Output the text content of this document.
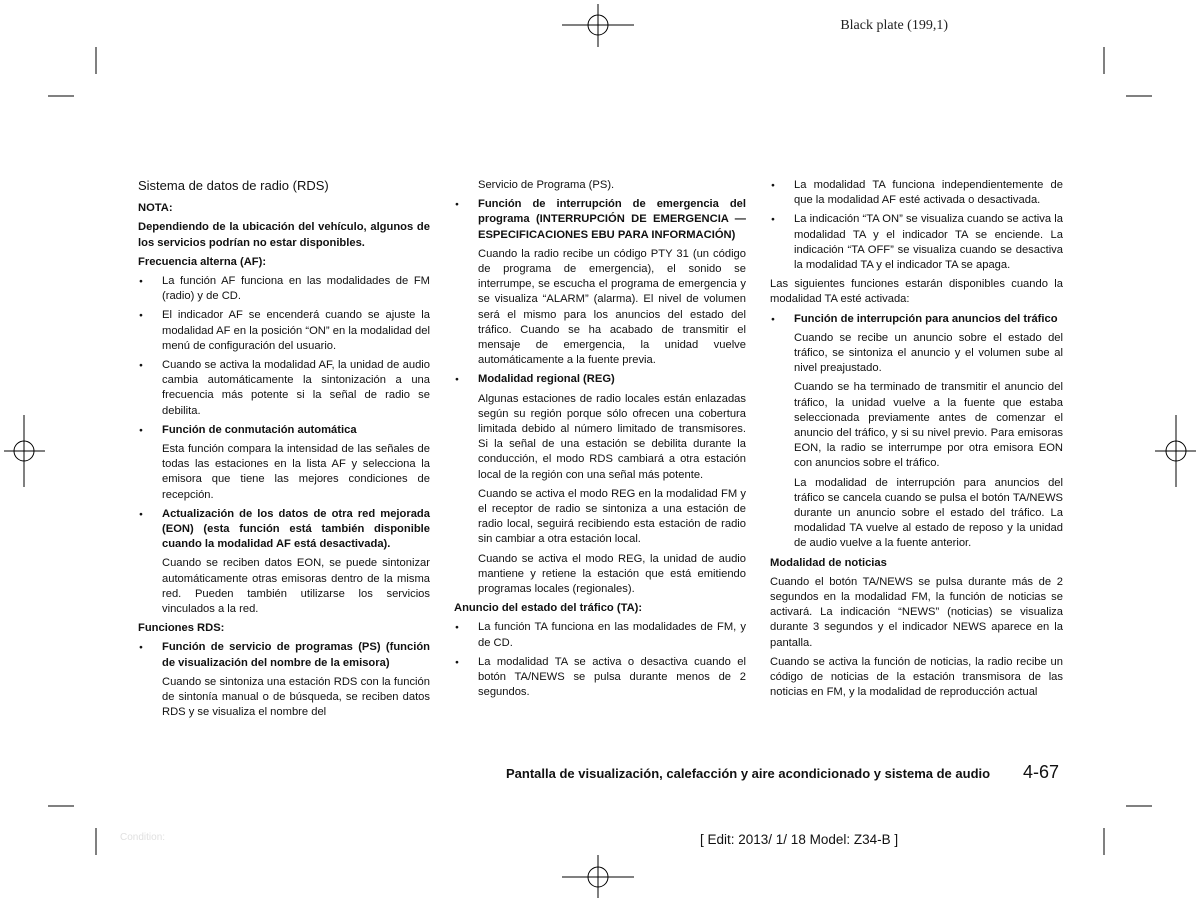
Black plate (199,1)

Sistema de datos de radio (RDS)

NOTA:

Dependiendo de la ubicación del vehículo, algunos de los servicios podrían no estar disponibles.

Frecuencia alterna (AF):

● La función AF funciona en las modalidades de FM (radio) y de CD.

● El indicador AF se encenderá cuando se ajuste la modalidad AF en la posición “ON” en la modalidad del menú de configuración del usuario.

● Cuando se activa la modalidad AF, la unidad de audio cambia automáticamente la sintonización a una frecuencia más potente si la señal de radio se debilita.

● Función de conmutación automática

Esta función compara la intensidad de las señales de todas las estaciones en la lista AF y selecciona la emisora que tiene las mejores condiciones de recepción.

● Actualización de los datos de otra red mejorada (EON) (esta función está también disponible cuando la modalidad AF está desactivada).

Cuando se reciben datos EON, se puede sintonizar automáticamente otras emisoras dentro de la misma red. Pueden también utilizarse los servicios vinculados a la red.

Funciones RDS:

● Función de servicio de programas (PS) (función de visualización del nombre de la emisora)

Cuando se sintoniza una estación RDS con la función de sintonía manual o de búsqueda, se reciben datos RDS y se visualiza el nombre del

Servicio de Programa (PS).

● Función de interrupción de emergencia del programa (INTERRUPCIÓN DE EMERGENCIA — ESPECIFICACIONES EBU PARA INFORMACIÓN)

Cuando la radio recibe un código PTY 31 (un código de programa de emergencia), el sonido se interrumpe, se escucha el programa de emergencia y se visualiza “ALARM” (alarma). El nivel de volumen será el mismo para los anuncios del estado del tráfico. Cuando se ha acabado de transmitir el mensaje de emergencia, la unidad vuelve automáticamente a la fuente previa.

● Modalidad regional (REG)

Algunas estaciones de radio locales están enlazadas según su región porque sólo ofrecen una cobertura limitada debido al número limitado de transmisores. Si la señal de una estación se debilita durante la conducción, el modo RDS cambiará a otra estación local de la región con una señal más potente.

Cuando se activa el modo REG en la modalidad FM y el receptor de radio se sintoniza a una estación de radio local, seguirá recibiendo esta estación de radio sin cambiar a otra estación local.

Cuando se activa el modo REG, la unidad de audio mantiene y retiene la estación que está emitiendo programas locales (regionales).

Anuncio del estado del tráfico (TA):

● La función TA funciona en las modalidades de FM, y de CD.

● La modalidad TA se activa o desactiva cuando el botón TA/NEWS se pulsa durante menos de 2 segundos.

● La modalidad TA funciona independientemente de que la modalidad AF esté activada o desactivada.

● La indicación “TA ON” se visualiza cuando se activa la modalidad TA y el indicador TA se enciende. La indicación “TA OFF” se visualiza cuando se desactiva la modalidad TA y el indicador TA se apaga.

Las siguientes funciones estarán disponibles cuando la modalidad TA esté activada:

● Función de interrupción para anuncios del tráfico

Cuando se recibe un anuncio sobre el estado del tráfico, se sintoniza el anuncio y el volumen sube al nivel preajustado.

Cuando se ha terminado de transmitir el anuncio del tráfico, la unidad vuelve a la fuente que estaba seleccionada previamente antes de comenzar el anuncio del tráfico, y si su nivel previo. Para emisoras EON, la radio se interrumpe por otra emisora EON con anuncios sobre el tráfico.

La modalidad de interrupción para anuncios del tráfico se cancela cuando se pulsa el botón TA/NEWS durante un anuncio sobre el estado del tráfico. La modalidad TA vuelve al estado de reposo y la unidad de audio vuelve a la fuente anterior.

Modalidad de noticias

Cuando el botón TA/NEWS se pulsa durante más de 2 segundos en la modalidad FM, la función de noticias se activará. La indicación “NEWS” (noticias) se visualiza durante 3 segundos y el indicador NEWS aparece en la pantalla.

Cuando se activa la función de noticias, la radio recibe un código de noticias de la estación transmisora de las noticias en FM, y la modalidad de reproducción actual

Pantalla de visualización, calefacción y aire acondicionado y sistema de audio 4-67
Condition:	[ Edit: 2013/ 1/ 18 Model: Z34-B ]
